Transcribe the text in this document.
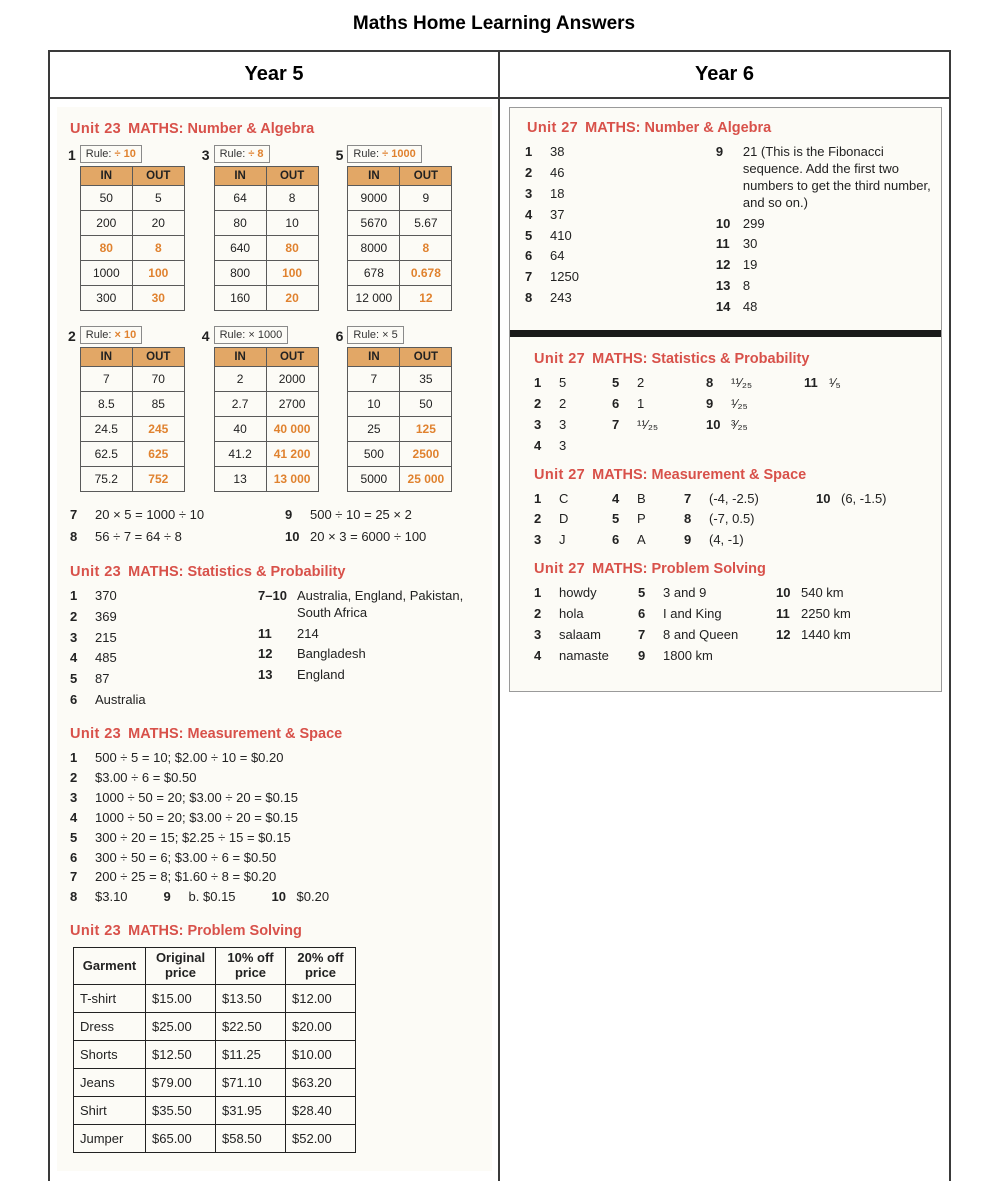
Maths Home Learning Answers
Year 5	Year 6
Unit 23 MATHS: Number & Algebra
1 Rule: ÷ 10
IN	OUT
50	5
200	20
80	8
1000	100
300	30
3 Rule: ÷ 8
IN	OUT
64	8
80	10
640	80
800	100
160	20
5 Rule: ÷ 1000
IN	OUT
9000	9
5670	5.67
8000	8
678	0.678
12 000	12
2 Rule: × 10
IN	OUT
7	70
8.5	85
24.5	245
62.5	625
75.2	752
4 Rule: × 1000
IN	OUT
2	2000
2.7	2700
40	40 000
41.2	41 200
13	13 000
6 Rule: × 5
IN	OUT
7	35
10	50
25	125
500	2500
5000	25 000
7	20 × 5 = 1000 ÷ 10
8	56 ÷ 7 = 64 ÷ 8
9	500 ÷ 10 = 25 × 2
10 20 × 3 = 6000 ÷ 100
Unit 23 MATHS: Statistics & Probability
1	370
2	369
3	215
4	485
5	87
6	Australia
7–10 Australia, England, Pakistan, South Africa
11	214
12	Bangladesh
13	England
Unit 23 MATHS: Measurement & Space
1	500 ÷ 5 = 10; $2.00 ÷ 10 = $0.20
2	$3.00 ÷ 6 = $0.50
3	1000 ÷ 50 = 20; $3.00 ÷ 20 = $0.15
4	1000 ÷ 50 = 20; $3.00 ÷ 20 = $0.15
5	300 ÷ 20 = 15; $2.25 ÷ 15 = $0.15
6	300 ÷ 50 = 6; $3.00 ÷ 6 = $0.50
7	200 ÷ 25 = 8; $1.60 ÷ 8 = $0.20
8	$3.10	9	b. $0.15	10 $0.20
Unit 23 MATHS: Problem Solving
Garment	Original price	10% off price	20% off price
T-shirt	$15.00	$13.50	$12.00
Dress	$25.00	$22.50	$20.00
Shorts	$12.50	$11.25	$10.00
Jeans	$79.00	$71.10	$63.20
Shirt	$35.50	$31.95	$28.40
Jumper	$65.00	$58.50	$52.00
Unit 27 MATHS: Number & Algebra
1	38
2	46
3	18
4	37
5	410
6	64
7	1250
8	243
9	21 (This is the Fibonacci sequence. Add the first two numbers to get the third number, and so on.)
10 299
11	30
12 19
13 8
14 48
Unit 27 MATHS: Statistics & Probability
1	5
2	2
3	3
4	3
5	2
6	1
7	¹¹⁄₂₅
8	¹¹⁄₂₅
9	¹⁄₂₅
10 ³⁄₂₅
11 ¹⁄₅
Unit 27 MATHS: Measurement & Space
1	C
2	D
3	J
4	B
5	P
6	A
7	(-4, -2.5)
8	(-7, 0.5)
9	(4, -1)
10 (6, -1.5)
Unit 27 MATHS: Problem Solving
1	howdy
2	hola
3	salaam
4	namaste
5	3 and 9
6	I and King
7	8 and Queen
9	1800 km
10 540 km
11 2250 km
12 1440 km
